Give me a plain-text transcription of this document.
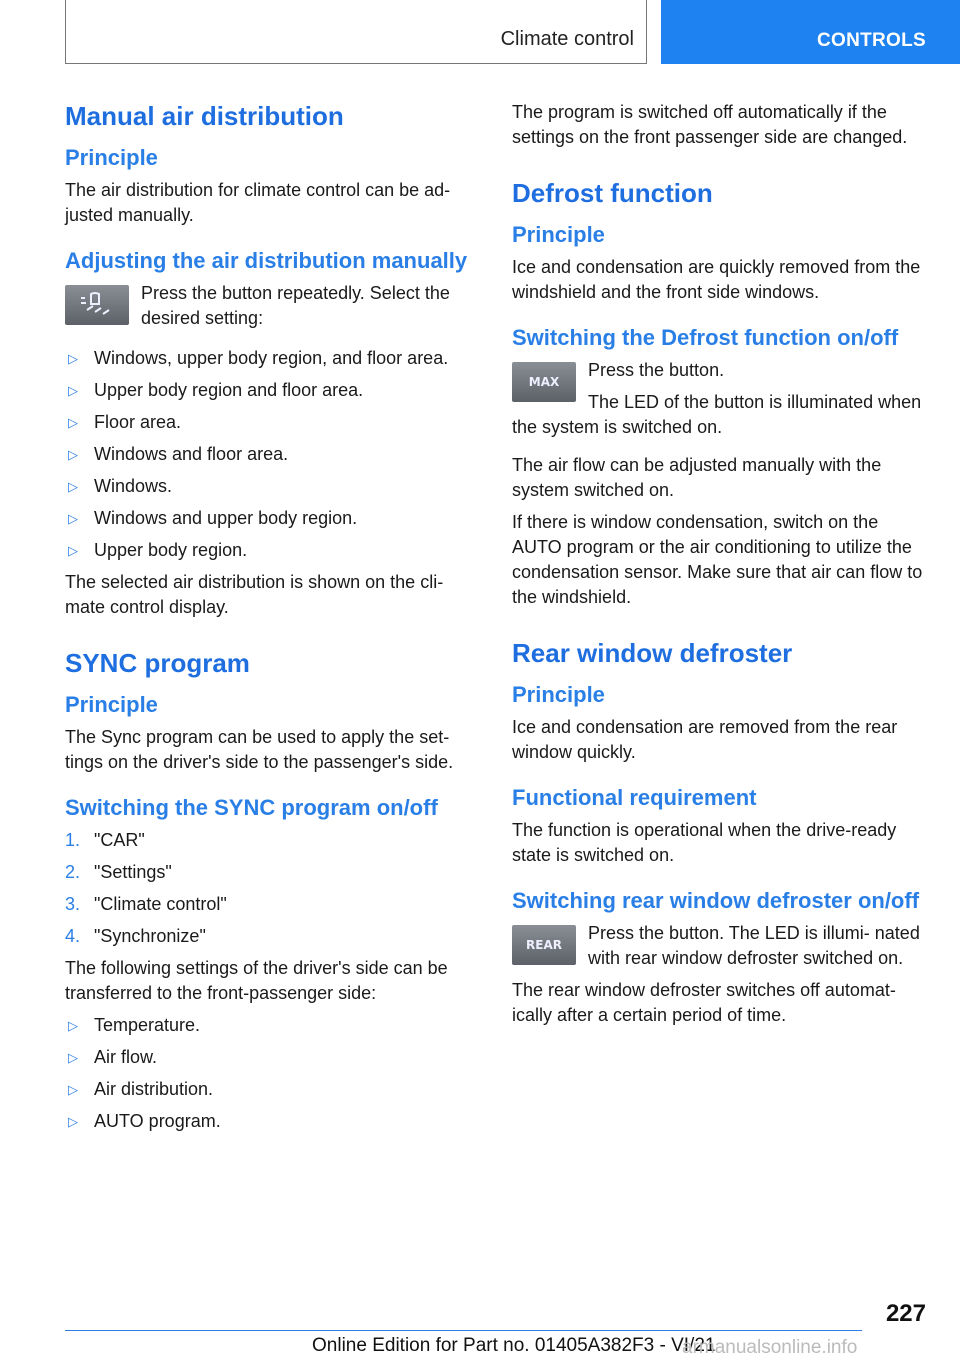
Climate control	CONTROLS
Manual air distribution
Principle

The air distribution for climate control can be ad‐ justed manually.

Adjusting the air distribution manually

Press the button repeatedly. Select the desired setting:

▷ Windows, upper body region, and floor area.
▷ Upper body region and floor area.
▷ Floor area.
▷ Windows and floor area.
▷ Windows.
▷ Windows and upper body region.
▷ Upper body region.

The selected air distribution is shown on the cli‐ mate control display.

SYNC program
Principle

The Sync program can be used to apply the set‐ tings on the driver's side to the passenger's side.

Switching the SYNC program on/off
1. "CAR"
2. "Settings"
3. "Climate control"
4. "Synchronize"

The following settings of the driver's side can be transferred to the front-passenger side:

▷ Temperature.
▷ Air flow.
▷ Air distribution.
▷ AUTO program.

The program is switched off automatically if the settings on the front passenger side are changed.

Defrost function
Principle

Ice and condensation are quickly removed from the windshield and the front side windows.

Switching the Defrost function on/off
MAX

Press the button.

The LED of the button is illuminated when the system is switched on.

The air flow can be adjusted manually with the system switched on.

If there is window condensation, switch on the AUTO program or the air conditioning to utilize the condensation sensor. Make sure that air can flow to the windshield.

Rear window defroster
Principle

Ice and condensation are removed from the rear window quickly.

Functional requirement

The function is operational when the drive-ready state is switched on.

Switching rear window defroster on/off
REAR

Press the button. The LED is illumi‐ nated with rear window defroster switched on.

The rear window defroster switches off automat‐ ically after a certain period of time.

227
Online Edition for Part no. 01405A382F3 - VI/21
armanualsonline.info
